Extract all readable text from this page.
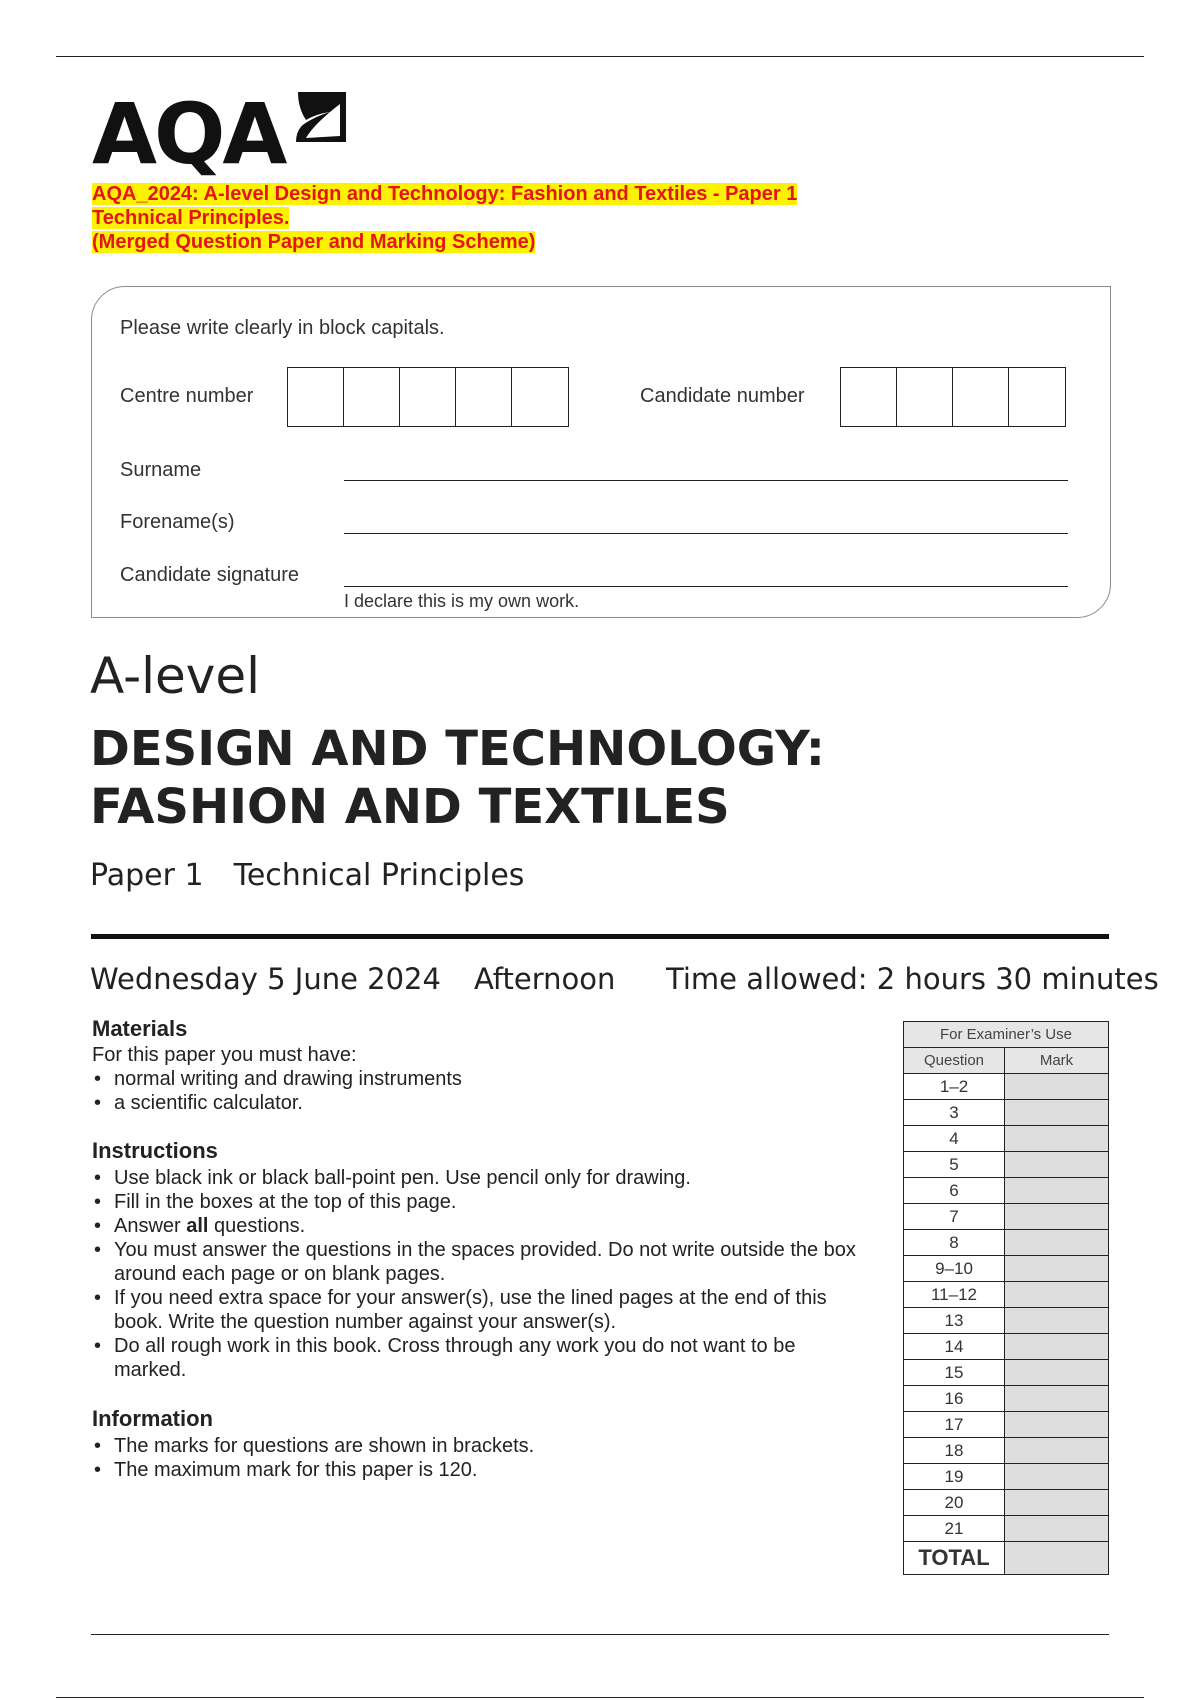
AQA
AQA_2024: A-level Design and Technology: Fashion and Textiles - Paper 1
Technical Principles.
(Merged Question Paper and Marking Scheme)
Please write clearly in block capitals.
Centre number	Candidate number
Surname
Forename(s)
Candidate signature
I declare this is my own work.
A-level
DESIGN AND TECHNOLOGY:
FASHION AND TEXTILES
Paper 1 Technical Principles
Wednesday 5 June 2024 Afternoon Time allowed: 2 hours 30 minutes
Materials
For this paper you must have:
• normal writing and drawing instruments
• a scientific calculator.
Instructions
• Use black ink or black ball-point pen. Use pencil only for drawing.
• Fill in the boxes at the top of this page.
• Answer all questions.
• You must answer the questions in the spaces provided. Do not write outside the box around each page or on blank pages.
• If you need extra space for your answer(s), use the lined pages at the end of this book. Write the question number against your answer(s).
• Do all rough work in this book. Cross through any work you do not want to be marked.
Information
• The marks for questions are shown in brackets.
• The maximum mark for this paper is 120.
For Examiner’s Use	
Question	Mark
1–2	
3	
4	
5	
6	
7	
8	
9–10	
11–12	
13	
14	
15	
16	
17	
18	
19	
20	
21	
TOTAL	
